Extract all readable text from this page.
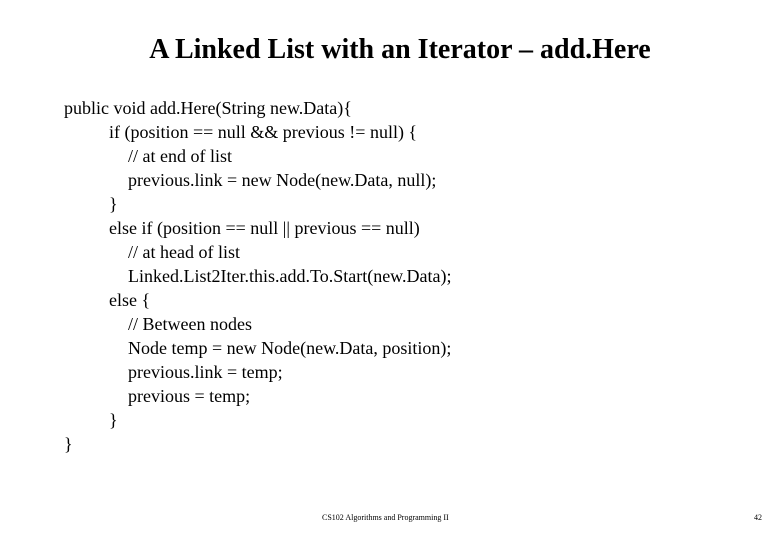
A Linked List with an Iterator – add.Here
public void add.Here(String new.Data){
if (position == null && previous != null) {
// at end of list
previous.link = new Node(new.Data, null);
}
else if (position == null || previous == null)
// at head of list
Linked.List2Iter.this.add.To.Start(new.Data);
else {
// Between nodes
Node temp = new Node(new.Data, position);
previous.link = temp;
previous = temp;
}
}
CS102 Algorithms and Programming II	42
